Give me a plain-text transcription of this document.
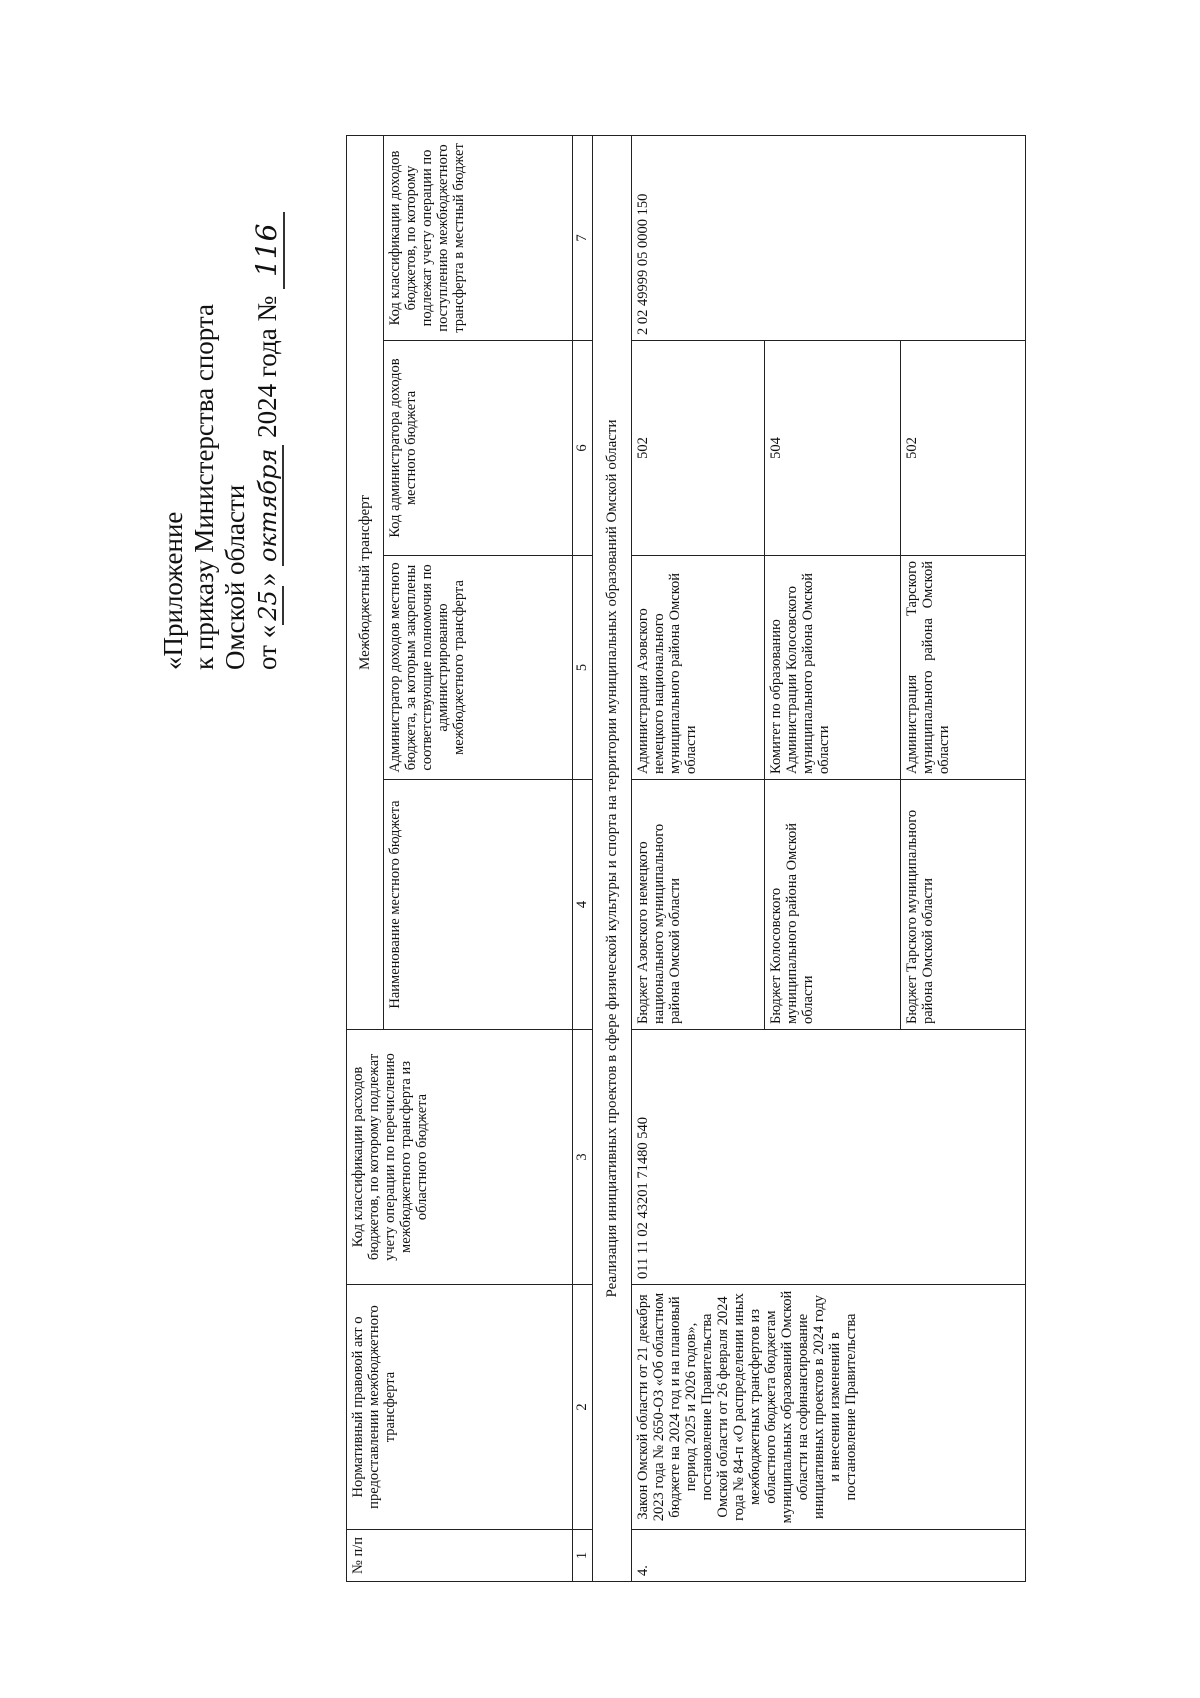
«Приложение к приказу Министерства спорта Омской области от «25» октября 2024 года № 116
№ п/п	Нормативный правовой акт о предоставлении межбюджетного трансферта	Код классификации расходов бюджетов, по которому подлежат учету операции по перечислению межбюджетного трансферта из областного бюджета	Межбюджетный трансферт			
			Наименование местного бюджета	Администратор доходов местного бюджета, за которым закреплены соответствующие полномочия по администрированию межбюджетного трансферта	Код администратора доходов местного бюджета	Код классификации доходов бюджетов, по которому подлежат учету операции по поступлению межбюджетного трансферта в местный бюджет
1	2	3	4	5	6	7
Реализация инициативных проектов в сфере физической культуры и спорта на территории муниципальных образований Омской области						
4.	Закон Омской области от 21 декабря 2023 года № 2650-ОЗ «Об областном бюджете на 2024 год и на плановый период 2025 и 2026 годов», постановление Правительства Омской области от 26 февраля 2024 года № 84-п «О распределении иных межбюджетных трансфертов из областного бюджета бюджетам муниципальных образований Омской области на софинансирование инициативных проектов в 2024 году и внесении изменений в постановление Правительства	011 11 02 43201 71480 540	Бюджет Азовского немецкого национального муниципального района Омской области	Администрация Азовского немецкого национального муниципального района Омской области	502	2 02 49999 05 0000 150
			Бюджет Колосовского муниципального района Омской области	Комитет по образованию Администрации Колосовского муниципального района Омской области	504	
			Бюджет Тарского муниципального района Омской области	Администрация Тарского муниципального района Омской области	502	
